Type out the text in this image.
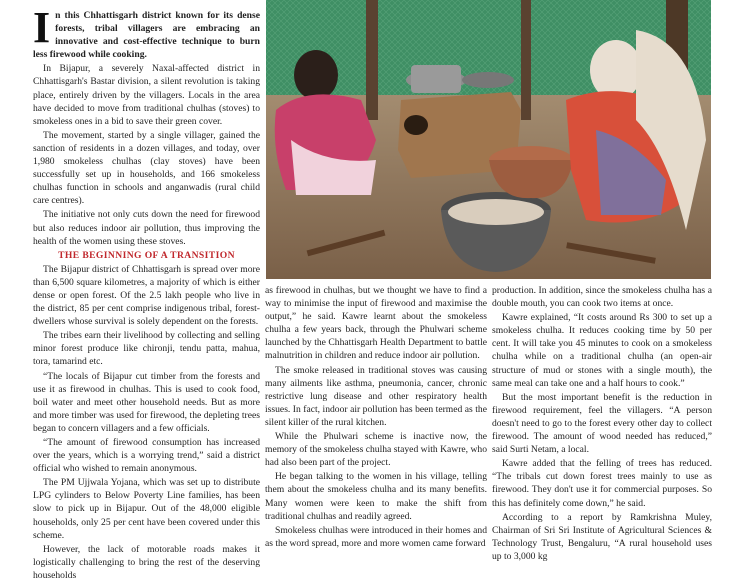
In this Chhattisgarh district known for its dense forests, tribal villagers are embracing an innovative and cost-effective technique to burn less firewood while cooking.

In Bijapur, a severely Naxal-affected district in Chhattisgarh's Bastar division, a silent revolution is taking place, entirely driven by the villagers. Locals in the area have decided to move from traditional chulhas (stoves) to smokeless ones in a bid to save their green cover.

The movement, started by a single villager, gained the sanction of residents in a dozen villages, and today, over 1,980 smokeless chulhas (clay stoves) have been successfully set up in households, and 166 smokeless chulhas function in schools and anganwadis (rural child care centres).

The initiative not only cuts down the need for firewood but also reduces indoor air pollution, thus improving the health of the women using these stoves.

THE BEGINNING OF A TRANSITION

The Bijapur district of Chhattisgarh is spread over more than 6,500 square kilometres, a majority of which is either dense or open forest. Of the 2.5 lakh people who live in the district, 85 per cent comprise indigenous tribal, forest-dwellers whose survival is solely dependent on the forests.

The tribes earn their livelihood by collecting and selling minor forest produce like chironji, tendu patta, mahua, tora, tamarind etc.

“The locals of Bijapur cut timber from the forests and use it as firewood in chulhas. This is used to cook food, boil water and meet other household needs. But as more and more timber was used for firewood, the depleting trees began to concern villagers and a few officials.

“The amount of firewood consumption has increased over the years, which is a worrying trend,” said a district official who wished to remain anonymous.

The PM Ujjwala Yojana, which was set up to distribute LPG cylinders to Below Poverty Line families, has been slow to pick up in Bijapur. Out of the 48,000 eligible households, only 25 per cent have been covered under this scheme.

However, the lack of motorable roads makes it logistically challenging to bring the rest of the deserving households

as firewood in chulhas, but we thought we have to find a way to minimise the input of firewood and maximise the output,” he said. Kawre learnt about the smokeless chulha a few years back, through the Phulwari scheme launched by the Chhattisgarh Health Department to battle malnutrition in children and reduce indoor air pollution.

The smoke released in traditional stoves was causing many ailments like asthma, pneumonia, cancer, chronic restrictive lung disease and other respiratory health issues. In fact, indoor air pollution has been termed as the silent killer of the rural kitchen.

While the Phulwari scheme is inactive now, the memory of the smokeless chulha stayed with Kawre, who had also been part of the project.

He began talking to the women in his village, telling them about the smokeless chulha and its many benefits. Many women were keen to make the shift from traditional chulhas and readily agreed.

Smokeless chulhas were introduced in their homes and as the word spread, more and more women came forward

production. In addition, since the smokeless chulha has a double mouth, you can cook two items at once.

Kawre explained, “It costs around Rs 300 to set up a smokeless chulha. It reduces cooking time by 50 per cent. It will take you 45 minutes to cook on a smokeless chulha while on a traditional chulha (an open-air structure of mud or stones with a single mouth), the same meal can take one and a half hours to cook.”

But the most important benefit is the reduction in firewood requirement, feel the villagers. “A person doesn't need to go to the forest every other day to collect firewood. The amount of wood needed has reduced,” said Surti Netam, a local.

Kawre added that the felling of trees has reduced. “The tribals cut down forest trees mainly to use as firewood. They don't use it for commercial purposes. So this has definitely come down,” he said.

According to a report by Ramkrishna Muley, Chairman of Sri Sri Institute of Agricultural Sciences & Technology Trust, Bengaluru, “A rural household uses up to 3,000 kg
